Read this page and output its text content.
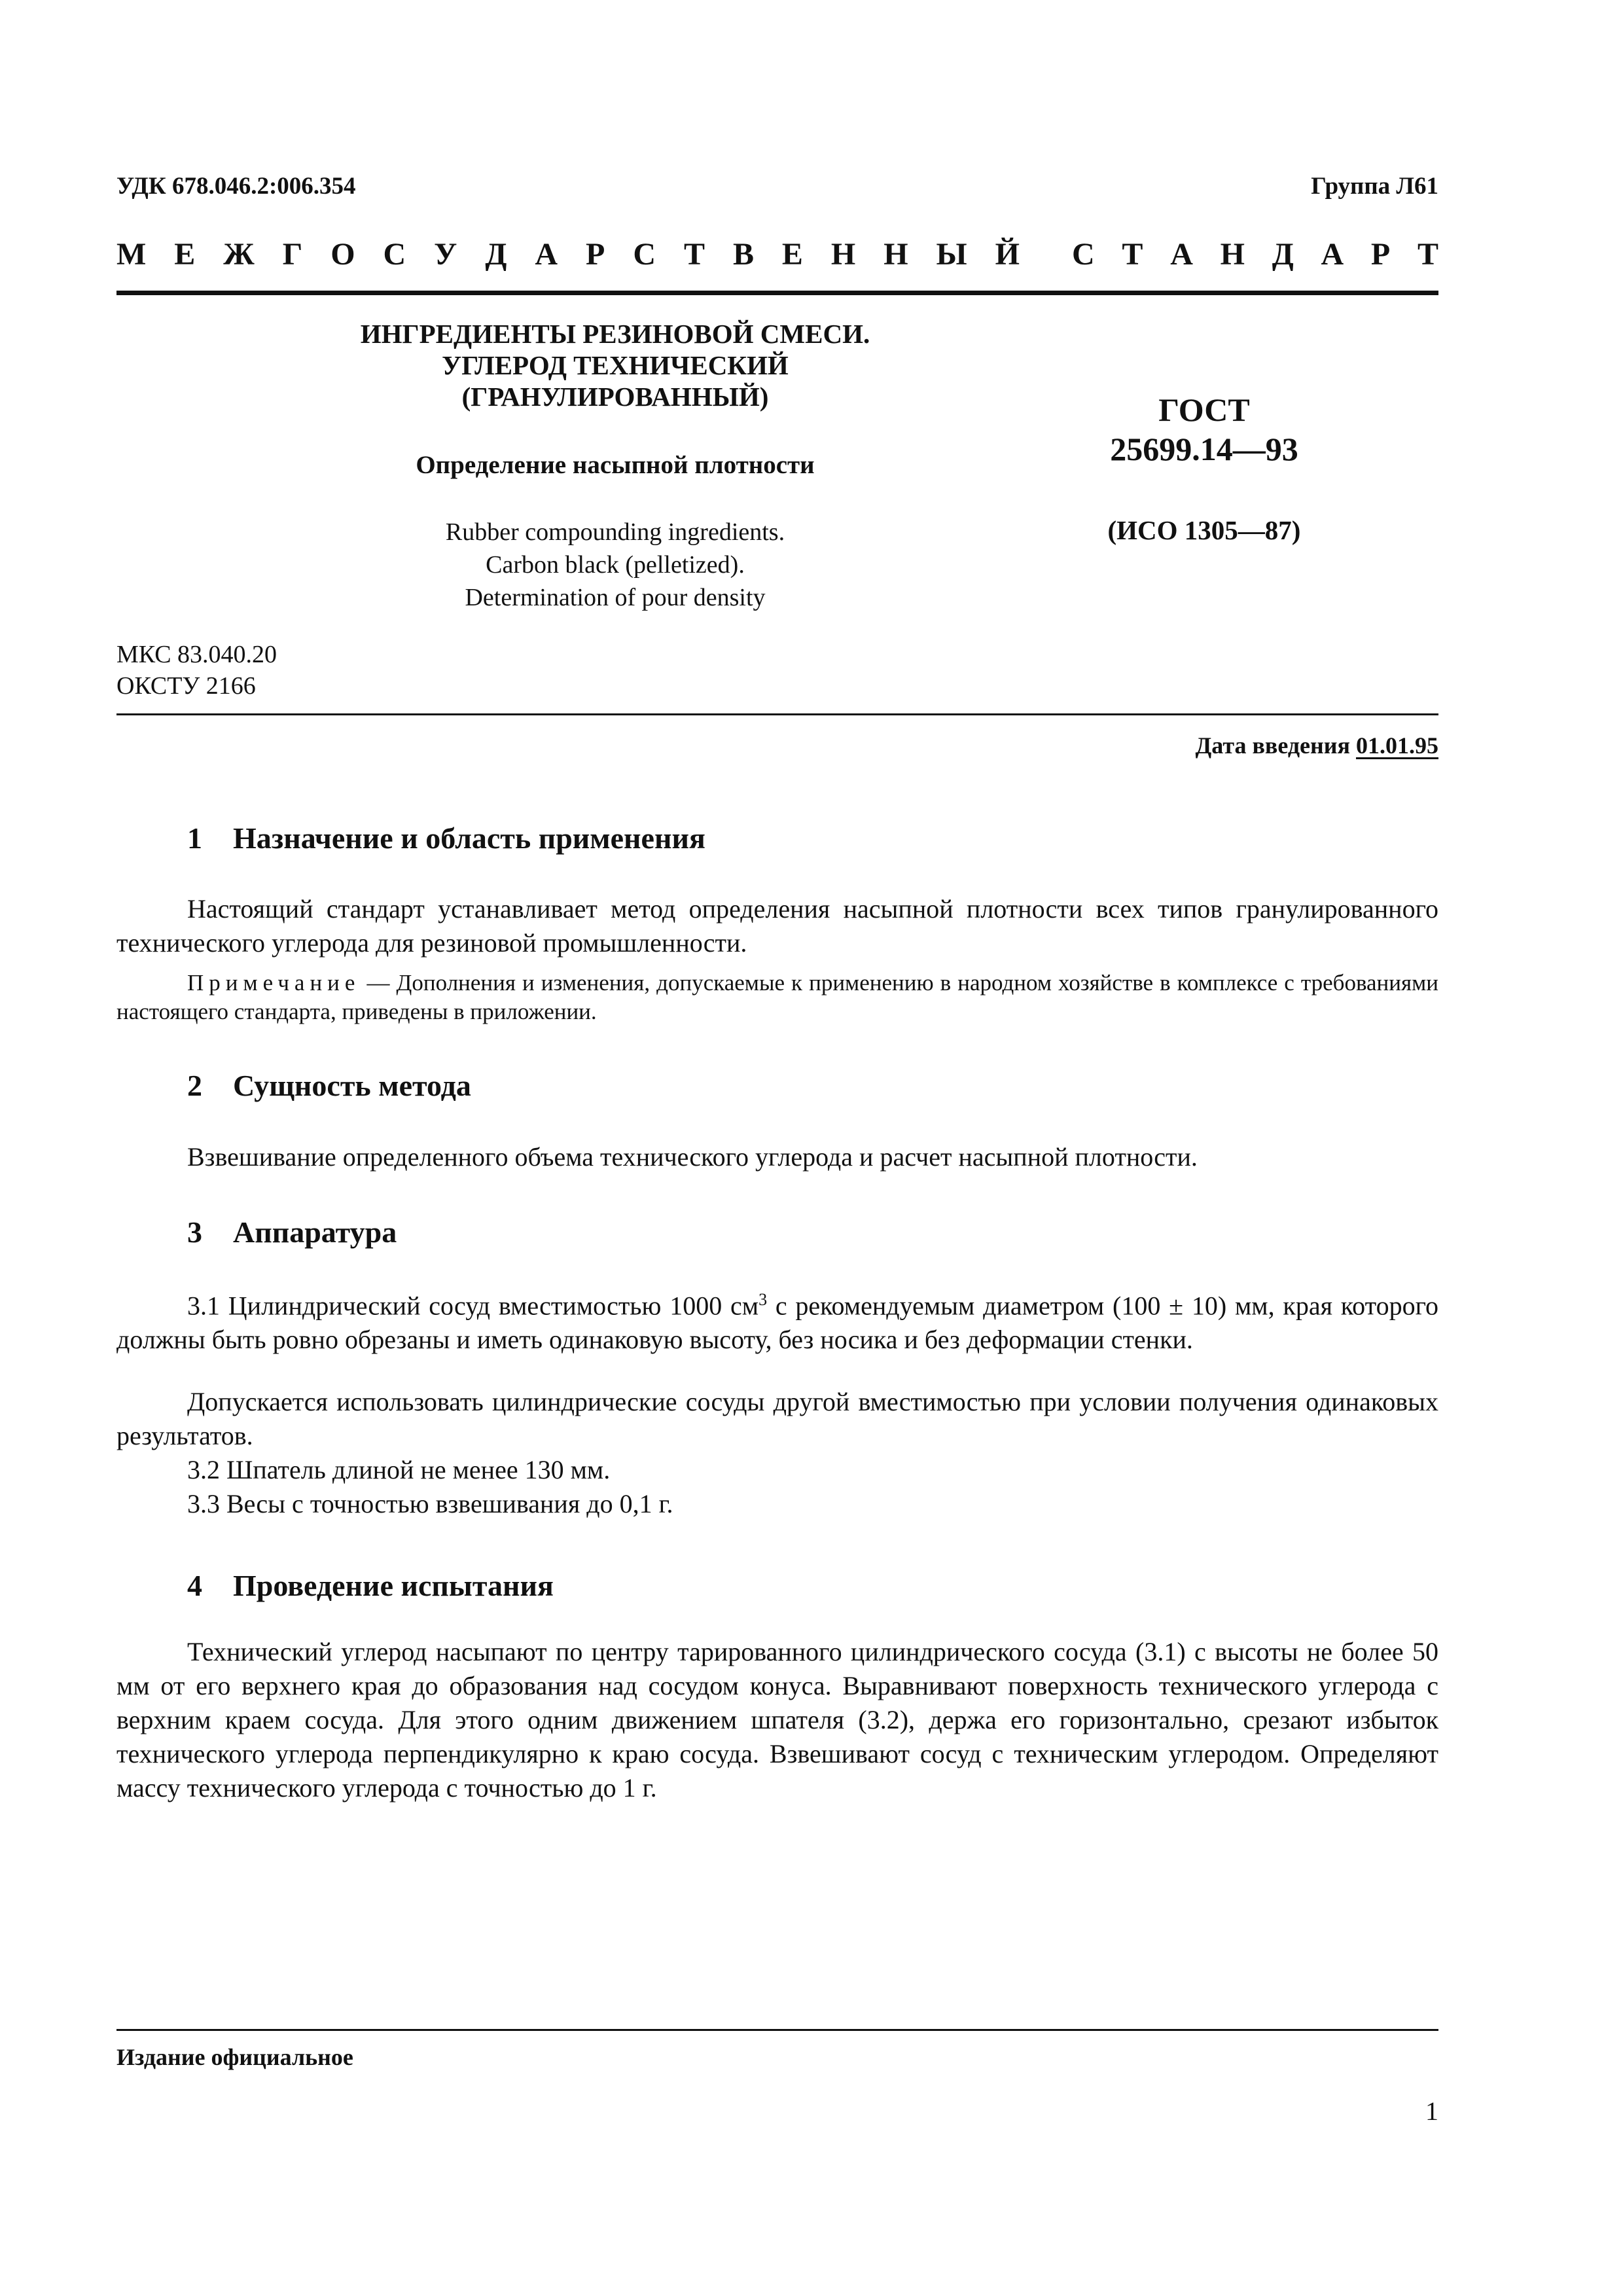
УДК 678.046.2:006.354	Группа Л61
М Е Ж Г О С У Д А Р С Т В Е Н Н Ы Й С Т А Н Д А Р Т
ИНГРЕДИЕНТЫ РЕЗИНОВОЙ СМЕСИ.
УГЛЕРОД ТЕХНИЧЕСКИЙ
(ГРАНУЛИРОВАННЫЙ)
Определение насыпной плотности
Rubber compounding ingredients.
Carbon black (pelletized).
Determination of pour density
ГОСТ
25699.14—93
(ИСО 1305—87)
МКС 83.040.20
ОКСТУ 2166
Дата введения 01.01.95
1 Назначение и область применения

Настоящий стандарт устанавливает метод определения насыпной плотности всех типов гранулированного технического углерода для резиновой промышленности.

Примечание — Дополнения и изменения, допускаемые к применению в народном хозяйстве в комплексе с требованиями настоящего стандарта, приведены в приложении.

2 Сущность метода

Взвешивание определенного объема технического углерода и расчет насыпной плотности.

3 Аппаратура

3.1 Цилиндрический сосуд вместимостью 1000 $см^3$ с рекомендуемым диаметром (100 ± 10) мм, края которого должны быть ровно обрезаны и иметь одинаковую высоту, без носика и без деформации стенки.

Допускается использовать цилиндрические сосуды другой вместимостью при условии получения одинаковых результатов.

3.2 Шпатель длиной не менее 130 мм.
3.3 Весы с точностью взвешивания до 0,1 г.
4 Проведение испытания

Технический углерод насыпают по центру тарированного цилиндрического сосуда (3.1) с высоты не более 50 мм от его верхнего края до образования над сосудом конуса. Выравнивают поверхность технического углерода с верхним краем сосуда. Для этого одним движением шпателя (3.2), держа его горизонтально, срезают избыток технического углерода перпендикулярно к краю сосуда. Взвешивают сосуд с техническим углеродом. Определяют массу технического углерода с точностью до 1 г.

Издание официальное
1
